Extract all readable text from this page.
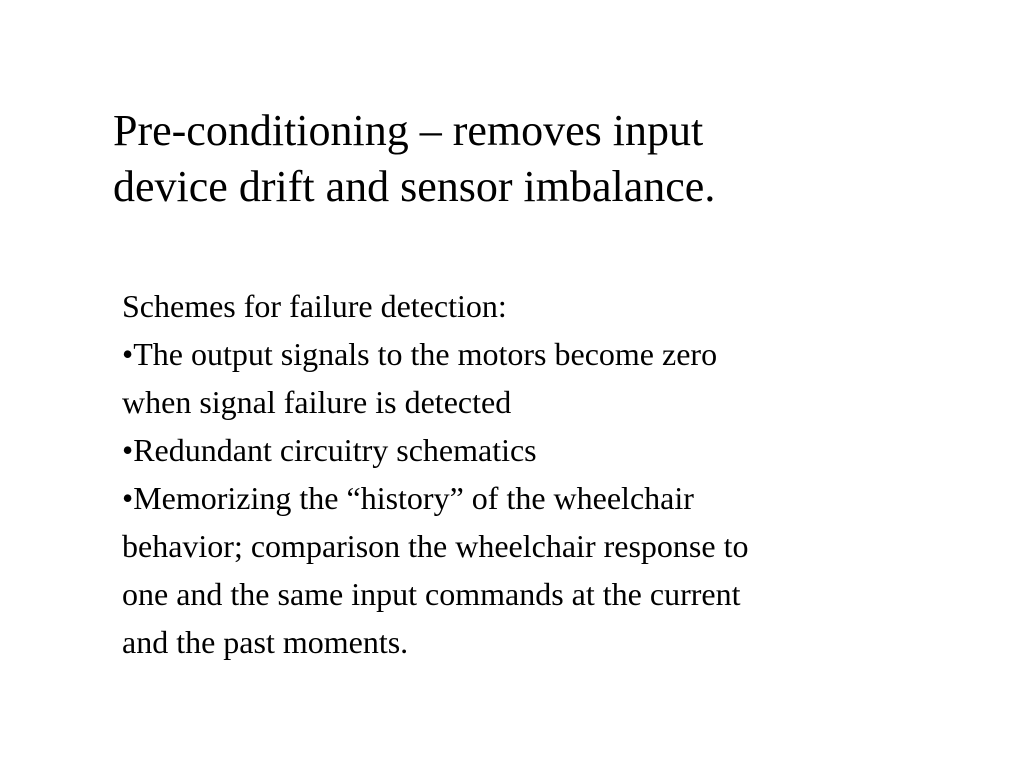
Pre-conditioning – removes input
device drift and sensor imbalance.
Schemes for failure detection:
•The output signals to the motors become zero
when signal failure is detected
•Redundant circuitry schematics
•Memorizing the “history” of the wheelchair
behavior; comparison the wheelchair response to
one and the same input commands at the current
and the past moments.
